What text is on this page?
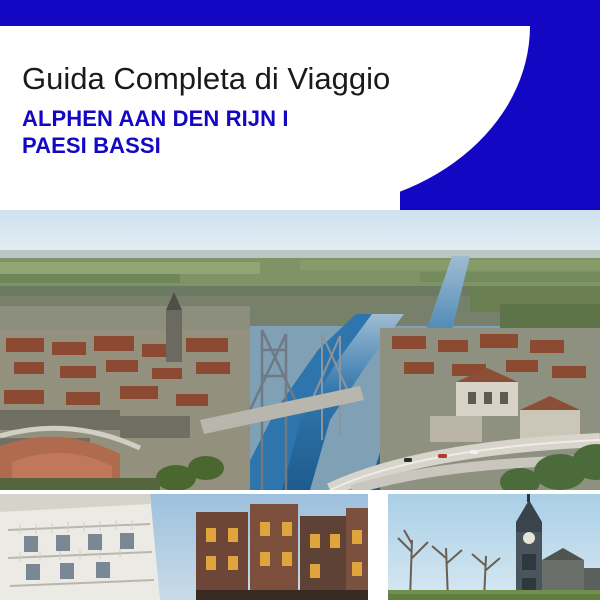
You Travel, We Guide
Guida Completa di Viaggio
ALPHEN AAN DEN RIJN I
PAESI BASSI
